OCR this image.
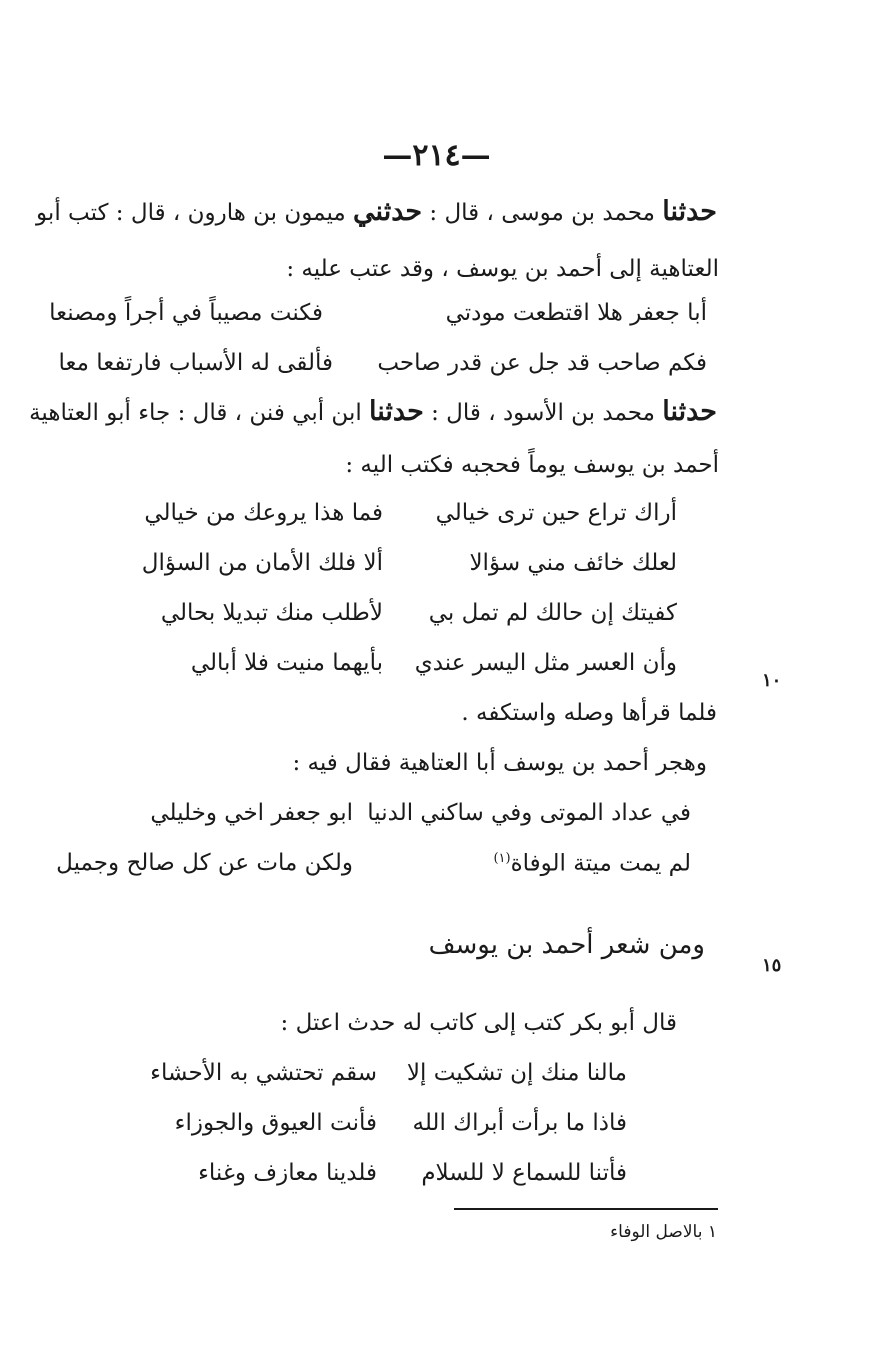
—٢١٤—
حدثنا محمد بن موسى ، قال : حدثني ميمون بن هارون ، قال : كتب أبو
العتاهية إلى أحمد بن يوسف ، وقد عتب عليه :
أبا جعفر هلا اقتطعت مودتي
فكنت مصيباً في أجراً ومصنعا
فكم صاحب قد جل عن قدر صاحب
فألقى له الأسباب فارتفعا معا
حدثنا محمد بن الأسود ، قال : حدثنا ابن أبي فنن ، قال : جاء أبو العتاهية
أحمد بن يوسف يوماً فحجبه فكتب اليه :
أراك تراع حين ترى خيالي
فما هذا يروعك من خيالي
لعلك خائف مني سؤالا
ألا فلك الأمان من السؤال
كفيتك إن حالك لم تمل بي
لأطلب منك تبديلا بحالي
وأن العسر مثل اليسر عندي
بأيهما منيت فلا أبالي
١٠
فلما قرأها وصله واستكفه .
وهجر أحمد بن يوسف أبا العتاهية فقال فيه :
في عداد الموتى وفي ساكني الدنيا
ابو جعفر اخي وخليلي
لم يمت ميتة الوفاة$^{(١)}$
ولكن مات عن كل صالح وجميل
ومن شعر أحمد بن يوسف
١٥
قال أبو بكر كتب إلى كاتب له حدث اعتل :
مالنا منك إن تشكيت إلا
سقم تحتشي به الأحشاء
فاذا ما برأت أبراك الله
فأنت العيوق والجوزاء
فأتنا للسماع لا للسلام
فلدينا معازف وغناء
١ بالاصل الوفاء
